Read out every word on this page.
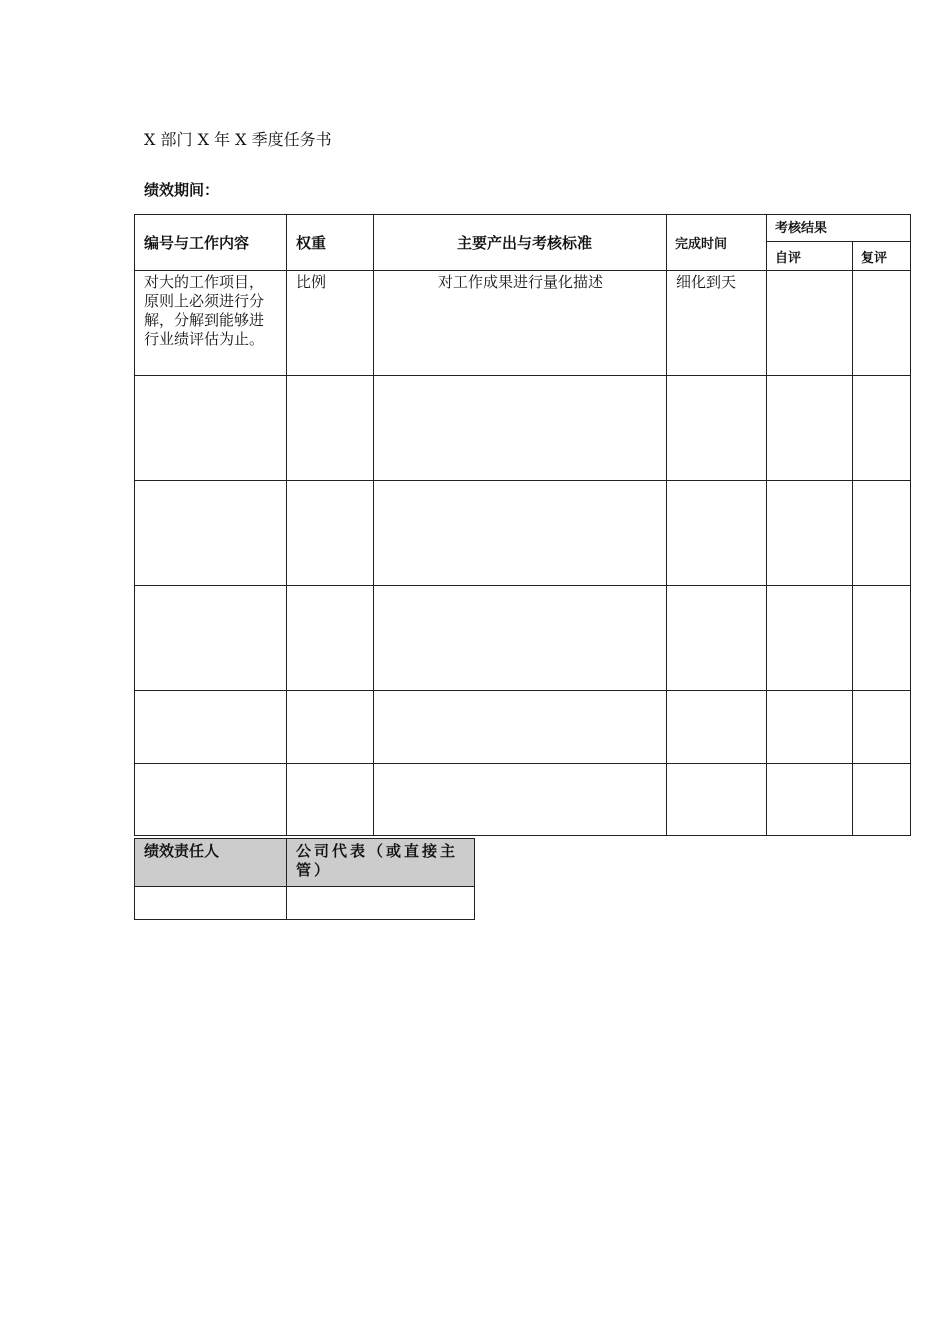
X 部门 X 年 X 季度任务书
绩效期间：
编号与工作内容	权重	主要产出与考核标准	完成时间	考核结果	
				自评	复评
对大的工作项目，原则上必须进行分解，分解到能够进行业绩评估为止。	比例	对工作成果进行量化描述	细化到天		

绩效责任人	公司代表（或直接主管）
